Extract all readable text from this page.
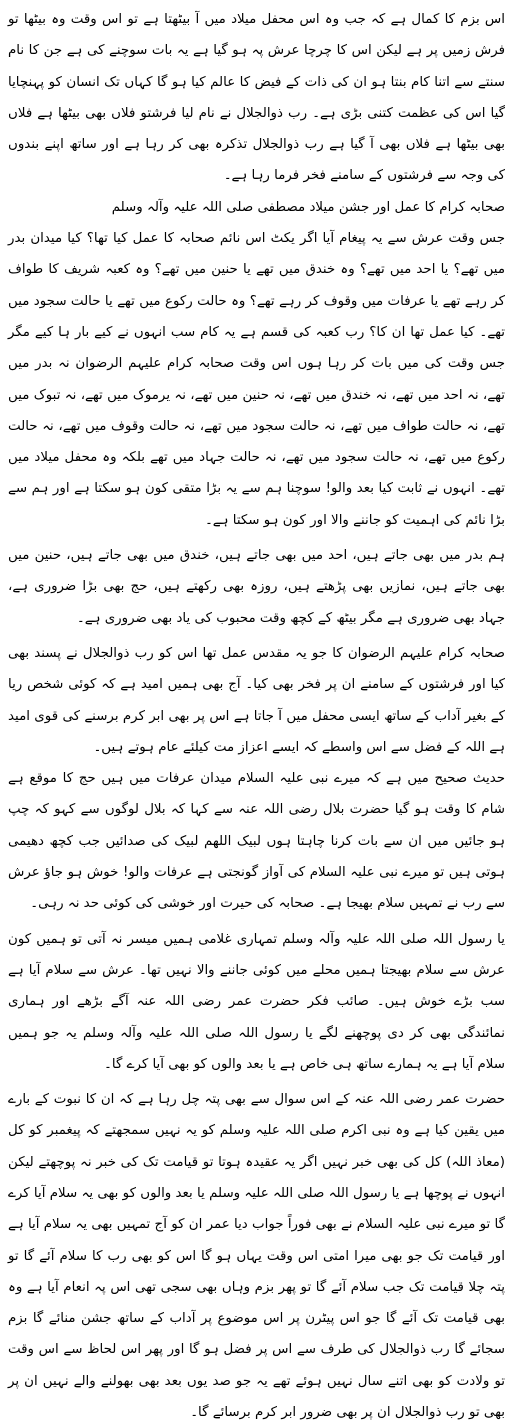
اس بزم کا کمال ہے کہ جب وہ اس محفل میلاد میں آ بیٹھتا ہے تو اس وقت وہ بیٹھا تو فرش زمیں پر ہے لیکن اس کا چرچا عرش پہ ہو گیا ہے یہ بات سوچنے کی ہے جن کا نام سنتے سے اتنا کام بنتا ہو ان کی ذات کے فیض کا عالم کیا ہو گا کہاں تک انسان کو پہنچایا گیا اس کی عظمت کتنی بڑی ہے۔ رب ذوالجلال نے نام لیا فرشتو فلاں بھی بیٹھا ہے فلاں بھی بیٹھا ہے فلاں بھی آ گیا ہے رب ذوالجلال تذکرہ بھی کر رہا ہے اور ساتھ اپنے بندوں کی وجہ سے فرشتوں کے سامنے فخر فرما رہا ہے۔

صحابہ کرام کا عمل اور جشن میلاد مصطفی صلی اللہ علیہ وآلہ وسلم

جس وقت عرش سے یہ پیغام آیا اگر یکٹ اس نائم صحابہ کا عمل کیا تھا؟ کیا میدان بدر میں تھے؟ یا احد میں تھے؟ وہ خندق میں تھے یا حنین میں تھے؟ وہ کعبہ شریف کا طواف کر رہے تھے یا عرفات میں وقوف کر رہے تھے؟ وہ حالت رکوع میں تھے یا حالت سجود میں تھے۔ کیا عمل تھا ان کا؟ رب کعبہ کی قسم ہے یہ کام سب انہوں نے کیے بار ہا کیے مگر جس وقت کی میں بات کر رہا ہوں اس وقت صحابہ کرام علیہم الرضوان نہ بدر میں تھے، نہ احد میں تھے، نہ خندق میں تھے، نہ حنین میں تھے، نہ یرموک میں تھے، نہ تبوک میں تھے، نہ حالت طواف میں تھے، نہ حالت سجود میں تھے، نہ حالت وقوف میں تھے، نہ حالت رکوع میں تھے، نہ حالت سجود میں تھے، نہ حالت جہاد میں تھے بلکہ وہ محفل میلاد میں تھے۔ انہوں نے ثابت کیا بعد والو! سوچنا ہم سے یہ بڑا متقی کون ہو سکتا ہے اور ہم سے بڑا نائم کی اہمیت کو جاننے والا اور کون ہو سکتا ہے۔

ہم بدر میں بھی جاتے ہیں، احد میں بھی جاتے ہیں، خندق میں بھی جاتے ہیں، حنین میں بھی جاتے ہیں، نمازیں بھی پڑھتے ہیں، روزہ بھی رکھتے ہیں، حج بھی بڑا ضروری ہے، جہاد بھی ضروری ہے مگر بیٹھ کے کچھ وقت محبوب کی یاد بھی ضروری ہے۔

صحابہ کرام علیہم الرضوان کا جو یہ مقدس عمل تھا اس کو رب ذوالجلال نے پسند بھی کیا اور فرشتوں کے سامنے ان پر فخر بھی کیا۔ آج بھی ہمیں امید ہے کہ کوئی شخص ریا کے بغیر آداب کے ساتھ ایسی محفل میں آ جاتا ہے اس پر بھی ابر کرم برسنے کی قوی امید ہے اللہ کے فضل سے اس واسطے کہ ایسے اعزاز مت کیلئے عام ہوتے ہیں۔

حدیث صحیح میں ہے کہ میرے نبی علیہ السلام میدان عرفات میں ہیں حج کا موقع ہے شام کا وقت ہو گیا حضرت بلال رضی اللہ عنہ سے کہا کہ بلال لوگوں سے کہو کہ چپ ہو جائیں میں ان سے بات کرنا چاہتا ہوں لبیک اللھم لبیک کی صدائیں جب کچھ دھیمی ہوتی ہیں تو میرے نبی علیہ السلام کی آواز گونجتی ہے عرفات والو! خوش ہو جاؤ عرش سے رب نے تمہیں سلام بھیجا ہے۔ صحابہ کی حیرت اور خوشی کی کوئی حد نہ رہی۔

یا رسول اللہ صلی اللہ علیہ وآلہ وسلم تمہاری غلامی ہمیں میسر نہ آتی تو ہمیں کون عرش سے سلام بھیجتا ہمیں محلے میں کوئی جاننے والا نہیں تھا۔ عرش سے سلام آیا ہے سب بڑے خوش ہیں۔ صائب فکر حضرت عمر رضی اللہ عنہ آگے بڑھے اور ہماری نمائندگی بھی کر دی پوچھنے لگے یا رسول اللہ صلی اللہ علیہ وآلہ وسلم یہ جو ہمیں سلام آیا ہے یہ ہمارے ساتھ ہی خاص ہے یا بعد والوں کو بھی آیا کرے گا۔

حضرت عمر رضی اللہ عنہ کے اس سوال سے بھی پتہ چل رہا ہے کہ ان کا نبوت کے بارے میں یقین کیا ہے وہ نبی اکرم صلی اللہ علیہ وسلم کو یہ نہیں سمجھتے کہ پیغمبر کو کل (معاذ اللہ) کل کی بھی خبر نہیں اگر یہ عقیدہ ہوتا تو قیامت تک کی خبر نہ پوچھتے لیکن انہوں نے پوچھا ہے یا رسول اللہ صلی اللہ علیہ وسلم یا بعد والوں کو بھی یہ سلام آیا کرے گا تو میرے نبی علیہ السلام نے بھی فوراً جواب دیا عمر ان کو آج تمہیں بھی یہ سلام آیا ہے اور قیامت تک جو بھی میرا امتی اس وقت یہاں ہو گا اس کو بھی رب کا سلام آئے گا تو پتہ چلا قیامت تک جب سلام آئے گا تو پھر بزم وہاں بھی سجی تھی اس پہ انعام آیا ہے وہ بھی قیامت تک آئے گا جو اس پیٹرن پر اس موضوع پر آداب کے ساتھ جشن منائے گا بزم سجائے گا رب ذوالجلال کی طرف سے اس پر فضل ہو گا اور پھر اس لحاظ سے اس وقت تو ولادت کو بھی اتنے سال نہیں ہوئے تھے یہ جو صد یوں بعد بھی بھولنے والے نہیں ان پر بھی تو رب ذوالجلال ان پر بھی ضرور ابر کرم برسائے گا۔
